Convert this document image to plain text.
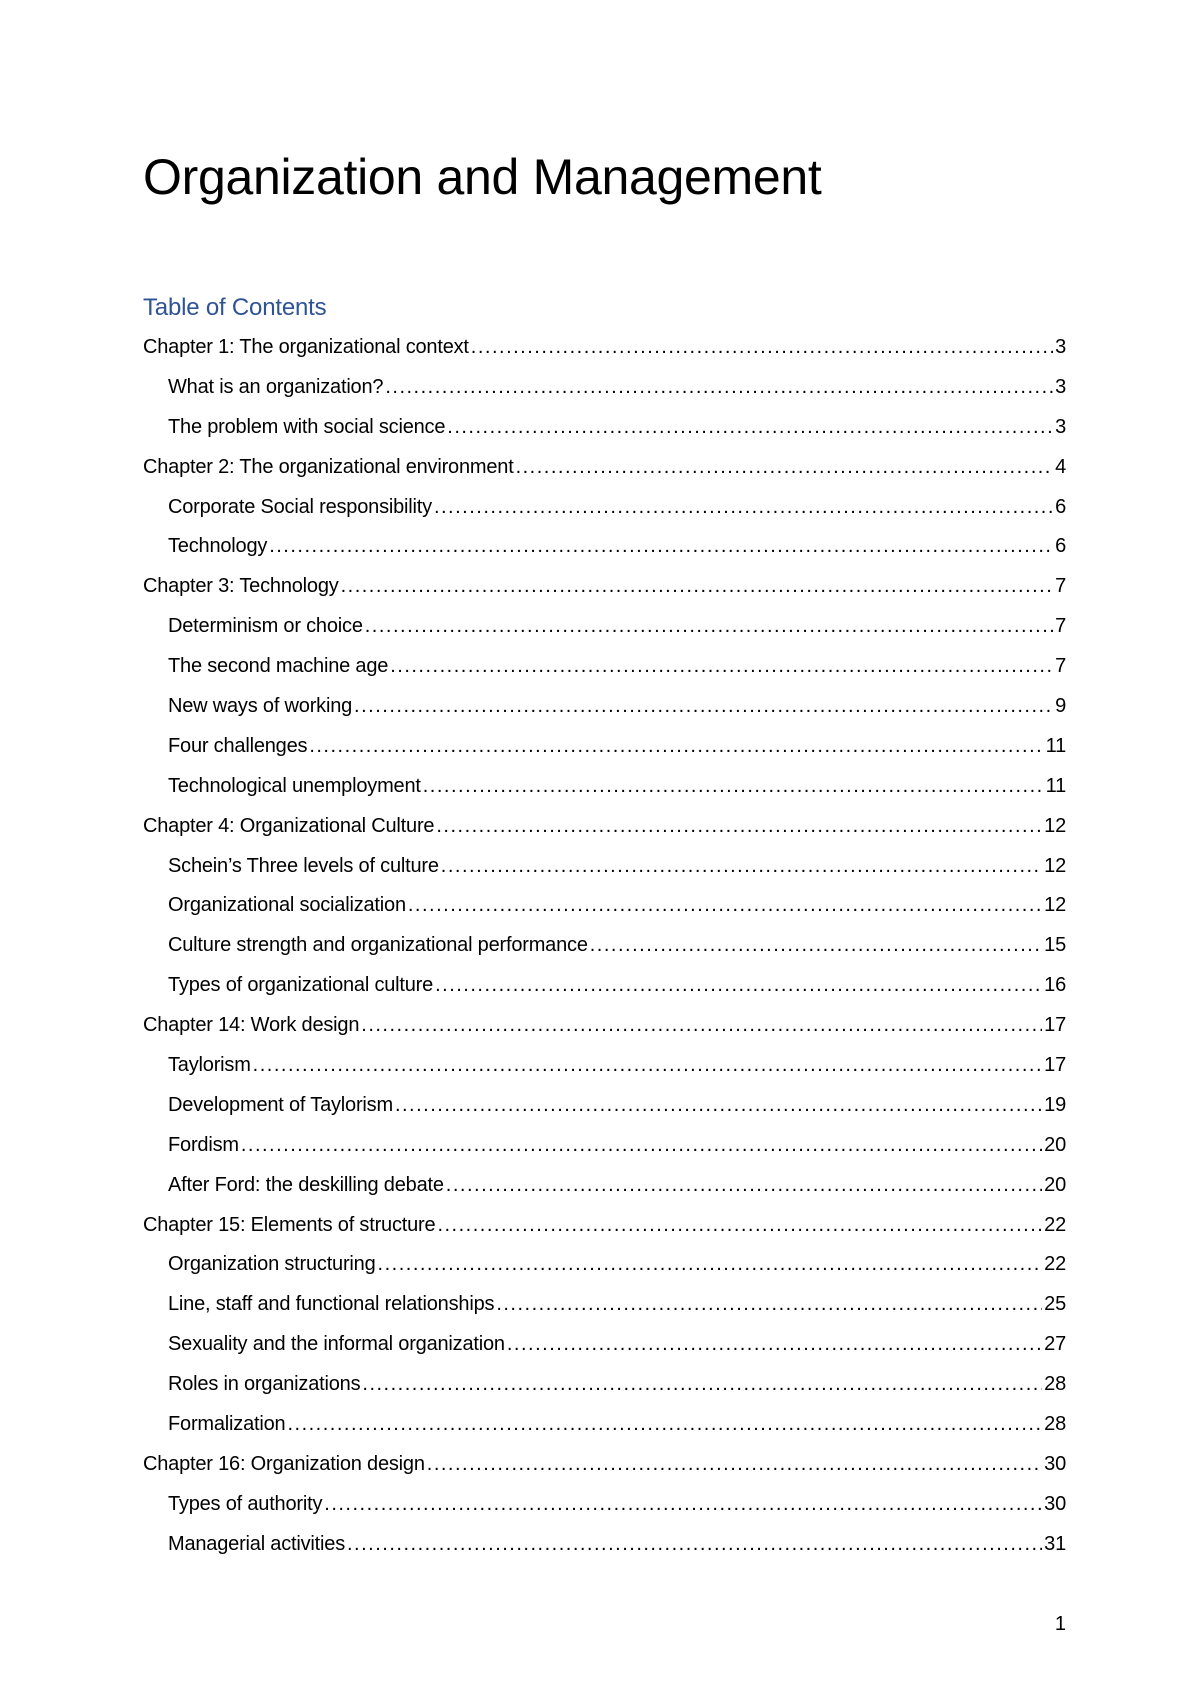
Organization and Management
Table of Contents
Chapter 1: The organizational context .....	3
What is an organization? .....	3
The problem with social science .....	3
Chapter 2: The organizational environment .....	4
Corporate Social responsibility .....	6
Technology .....	6
Chapter 3: Technology .....	7
Determinism or choice .....	7
The second machine age .....	7
New ways of working .....	9
Four challenges .....	11
Technological unemployment .....	11
Chapter 4: Organizational Culture .....	12
Schein’s Three levels of culture .....	12
Organizational socialization .....	12
Culture strength and organizational performance .....	15
Types of organizational culture .....	16
Chapter 14: Work design .....	17
Taylorism .....	17
Development of Taylorism .....	19
Fordism .....	20
After Ford: the deskilling debate .....	20
Chapter 15: Elements of structure .....	22
Organization structuring .....	22
Line, staff and functional relationships .....	25
Sexuality and the informal organization .....	27
Roles in organizations .....	28
Formalization .....	28
Chapter 16: Organization design .....	30
Types of authority .....	30
Managerial activities .....	31
1
